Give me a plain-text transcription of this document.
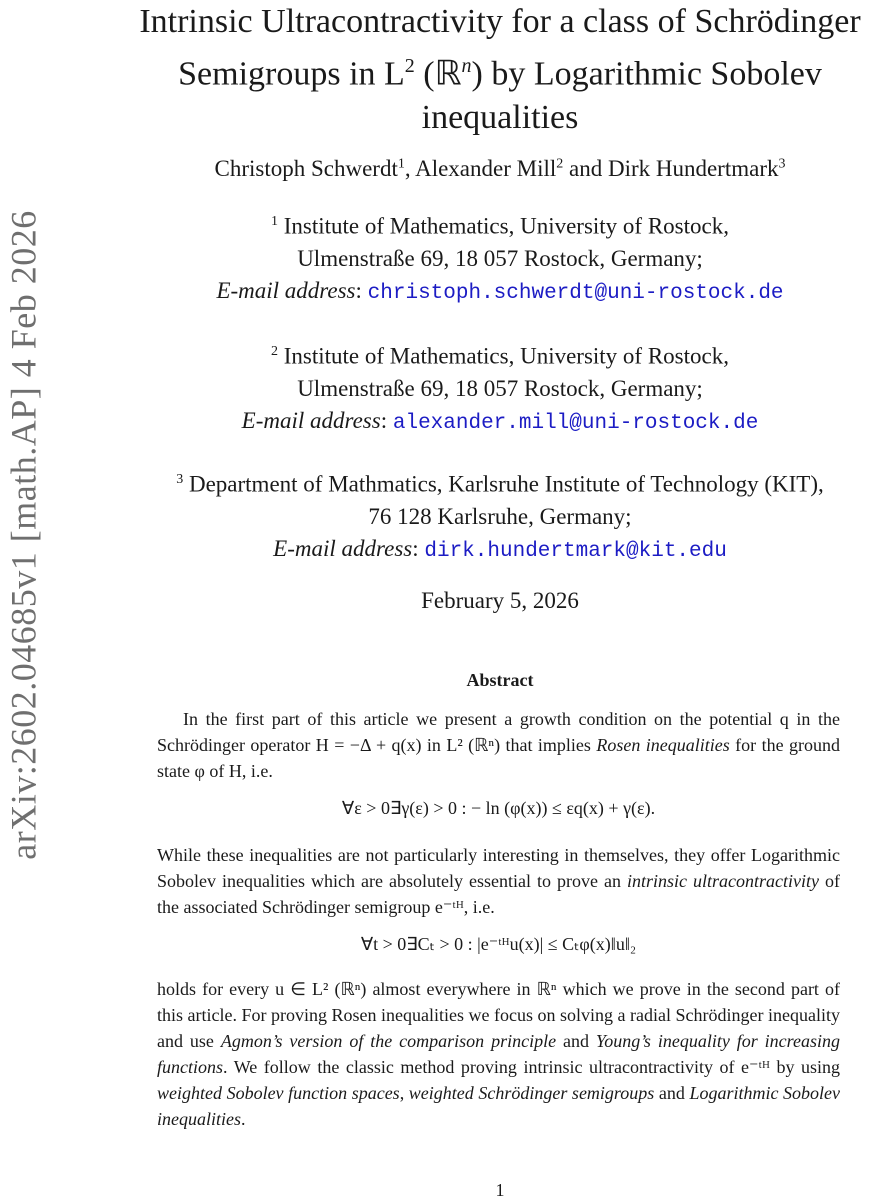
arXiv:2602.04685v1 [math.AP] 4 Feb 2026
Intrinsic Ultracontractivity for a class of Schrödinger
Semigroups in $L^2$ (ℝ$^n$) by Logarithmic Sobolev
inequalities
Christoph Schwerdt$^1$, Alexander Mill$^2$ and Dirk Hundertmark$^3$
$^1$ Institute of Mathematics, University of Rostock,
Ulmenstraße 69, 18 057 Rostock, Germany;
E-mail address: christoph.schwerdt@uni-rostock.de
$^2$ Institute of Mathematics, University of Rostock,
Ulmenstraße 69, 18 057 Rostock, Germany;
E-mail address: alexander.mill@uni-rostock.de
$^3$ Department of Mathmatics, Karlsruhe Institute of Technology (KIT),
76 128 Karlsruhe, Germany;
E-mail address: dirk.hundertmark@kit.edu
February 5, 2026
Abstract
In the first part of this article we present a growth condition on the potential q in the Schrödinger operator H = −Δ + q(x) in L² (ℝⁿ) that implies Rosen inequalities for the ground state φ of H, i.e.
∀ε > 0∃γ(ε) > 0 : − ln (φ(x)) ≤ εq(x) + γ(ε).
While these inequalities are not particularly interesting in themselves, they offer Logarithmic Sobolev inequalities which are absolutely essential to prove an intrinsic ultracontractivity of the associated Schrödinger semigroup e⁻ᵗᴴ, i.e.
∀t > 0∃Cₜ > 0 : |e⁻ᵗᴴu(x)| ≤ Cₜφ(x)‖u‖₂
holds for every u ∈ L² (ℝⁿ) almost everywhere in ℝⁿ which we prove in the second part of this article. For proving Rosen inequalities we focus on solving a radial Schrödinger inequality and use Agmon’s version of the comparison principle and Young’s inequality for increasing functions. We follow the classic method proving intrinsic ultracontractivity of e⁻ᵗᴴ by using weighted Sobolev function spaces, weighted Schrödinger semigroups and Logarithmic Sobolev inequalities.
1
